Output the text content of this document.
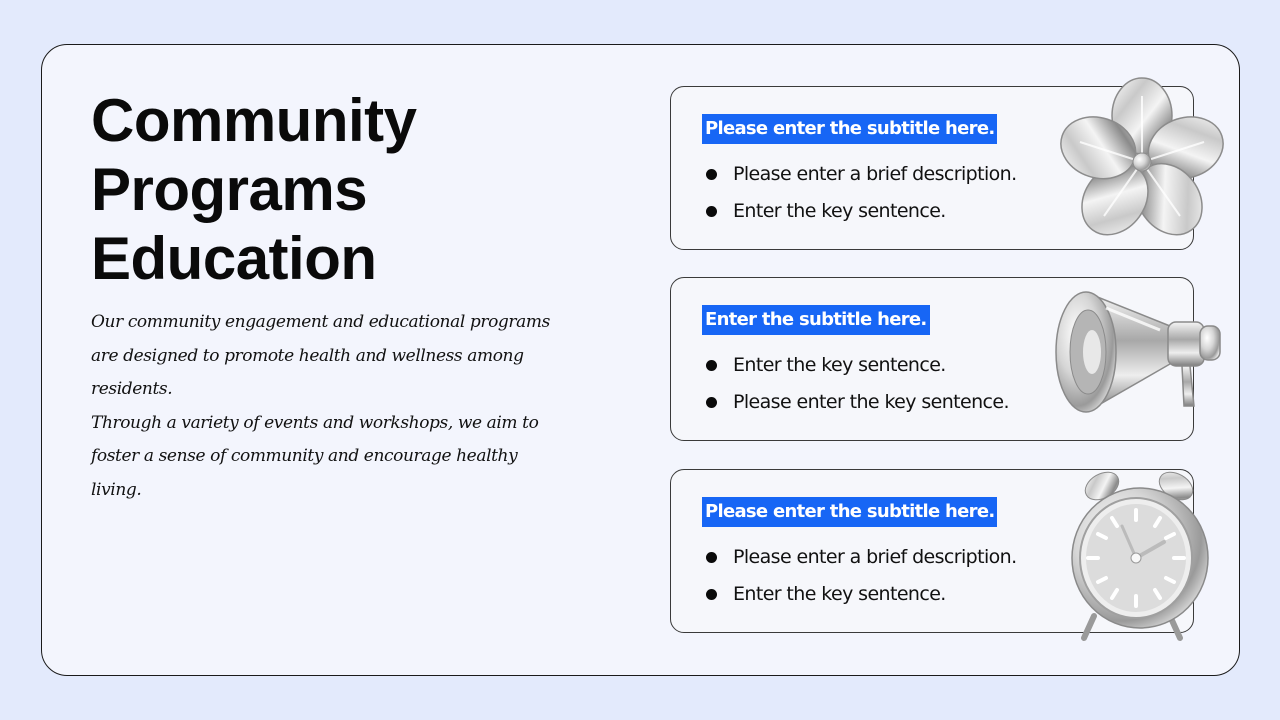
Community
Programs
Education

Our community engagement and educational programs are designed to promote health and wellness among residents.

Through a variety of events and workshops, we aim to foster a sense of community and encourage healthy living.

Please enter the subtitle here.
Please enter a brief description.
Enter the key sentence.
Enter the subtitle here.
Enter the key sentence.
Please enter the key sentence.
Please enter the subtitle here.
Please enter a brief description.
Enter the key sentence.
